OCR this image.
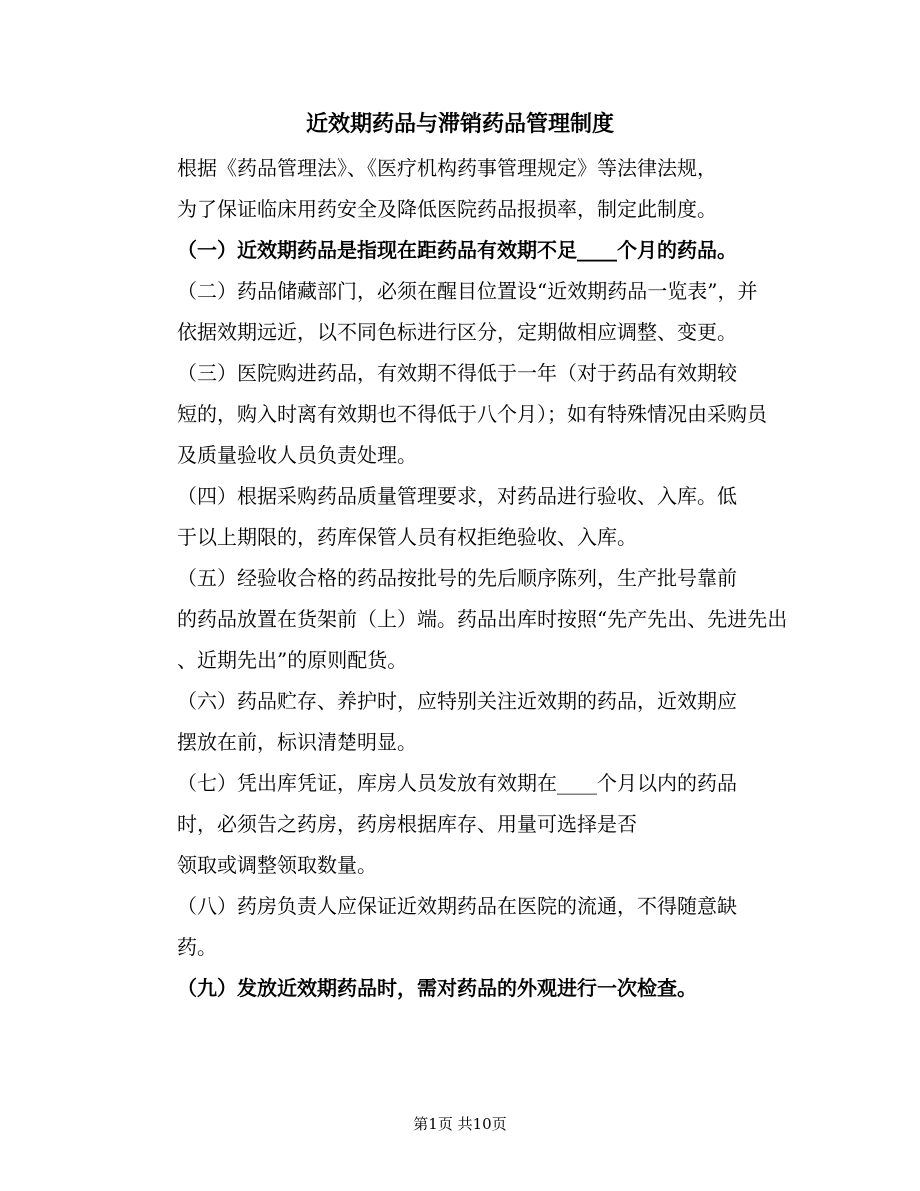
近效期药品与滞销药品管理制度
根据《药品管理法》、《医疗机构药事管理规定》等法律法规，
为了保证临床用药安全及降低医院药品报损率，制定此制度。
（一）近效期药品是指现在距药品有效期不足____个月的药品。
（二）药品储藏部门，必须在醒目位置设“近效期药品一览表”，并
依据效期远近，以不同色标进行区分，定期做相应调整、变更。
（三）医院购进药品，有效期不得低于一年（对于药品有效期较
短的，购入时离有效期也不得低于八个月）；如有特殊情况由采购员
及质量验收人员负责处理。
（四）根据采购药品质量管理要求，对药品进行验收、入库。低
于以上期限的，药库保管人员有权拒绝验收、入库。
（五）经验收合格的药品按批号的先后顺序陈列，生产批号靠前
的药品放置在货架前（上）端。药品出库时按照“先产先出、先进先出
、近期先出”的原则配货。
（六）药品贮存、养护时，应特别关注近效期的药品，近效期应
摆放在前，标识清楚明显。
（七）凭出库凭证，库房人员发放有效期在____个月以内的药品
时，必须告之药房，药房根据库存、用量可选择是否
领取或调整领取数量。
（八）药房负责人应保证近效期药品在医院的流通，不得随意缺
药。
（九）发放近效期药品时，需对药品的外观进行一次检查。
第1页 共10页
